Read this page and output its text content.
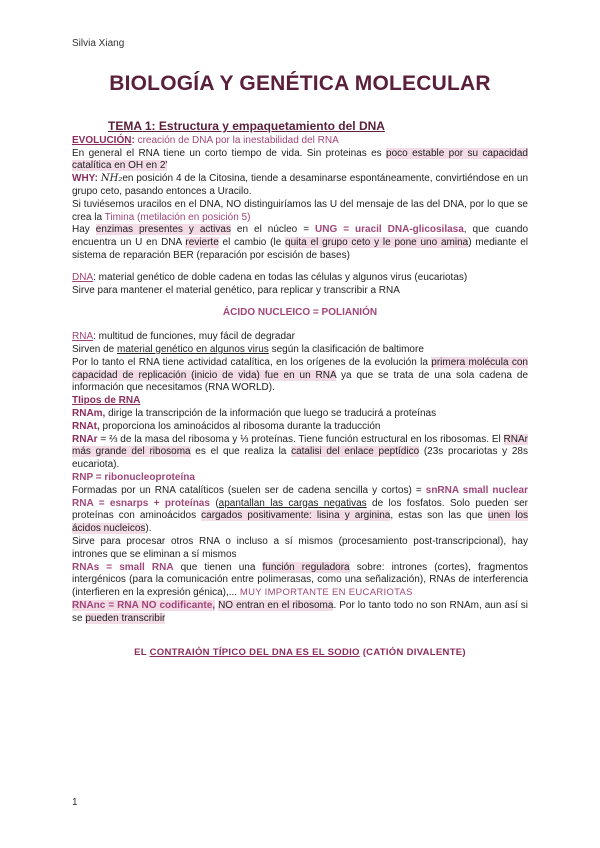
Silvia Xiang
BIOLOGÍA Y GENÉTICA MOLECULAR

TEMA 1: Estructura y empaquetamiento del DNA

EVOLUCIÓN: creación de DNA por la inestabilidad del RNA

En general el RNA tiene un corto tiempo de vida. Sin proteinas es poco estable por su capacidad catalítica en OH en 2'

WHY: NH₂en posición 4 de la Citosina, tiende a desaminarse espontáneamente, convirtiéndose en un grupo ceto, pasando entonces a Uracilo.

Si tuviésemos uracilos en el DNA, NO distinguiríamos las U del mensaje de las del DNA, por lo que se crea la Timina (metilación en posición 5)

Hay enzimas presentes y activas en el núcleo = UNG = uracil DNA-glicosilasa, que cuando encuentra un U en DNA revierte el cambio (le quita el grupo ceto y le pone uno amina) mediante el sistema de reparación BER (reparación por escisión de bases)

DNA: material genético de doble cadena en todas las células y algunos virus (eucariotas)

Sirve para mantener el material genético, para replicar y transcribir a RNA

ÁCIDO NUCLEICO = POLIANIÓN

RNA: multitud de funciones, muy fácil de degradar

Sirven de material genético en algunos virus según la clasificación de baltimore

Por lo tanto el RNA tiene actividad catalítica, en los orígenes de la evolución la primera molécula con capacidad de replicación (inicio de vida) fue en un RNA ya que se trata de una sola cadena de información que necesitamos (RNA WORLD).

TIipos de RNA

RNAm, dirige la transcripción de la información que luego se traducirá a proteínas

RNAt, proporciona los aminoácidos al ribosoma durante la traducción

RNAr = ⅔ de la masa del ribosoma y ⅓ proteínas. Tiene función estructural en los ribosomas. El RNAr más grande del ribosoma es el que realiza la catalisi del enlace peptídico (23s procariotas y 28s eucariota).

RNP = ribonucleoproteína

Formadas por un RNA catalíticos (suelen ser de cadena sencilla y cortos) = snRNA small nuclear RNA = esnarps + proteínas (apantallan las cargas negativas de los fosfatos. Solo pueden ser proteínas con aminoácidos cargados positivamente: lisina y arginina, estas son las que unen los ácidos nucleicos).

Sirve para procesar otros RNA o incluso a sí mismos (procesamiento post-transcripcional), hay intrones que se eliminan a sí mismos

RNAs = small RNA que tienen una función reguladora sobre: intrones (cortes), fragmentos intergénicos (para la comunicación entre polimerasas, como una señalización), RNAs de interferencia (interfieren en la expresión génica),... MUY IMPORTANTE EN EUCARIOTAS

RNAnc = RNA NO codificante, NO entran en el ribosoma. Por lo tanto todo no son RNAm, aun así si se pueden transcribir

EL CONTRAIÓN TÍPICO DEL DNA ES EL SODIO (CATIÓN DIVALENTE)

1
